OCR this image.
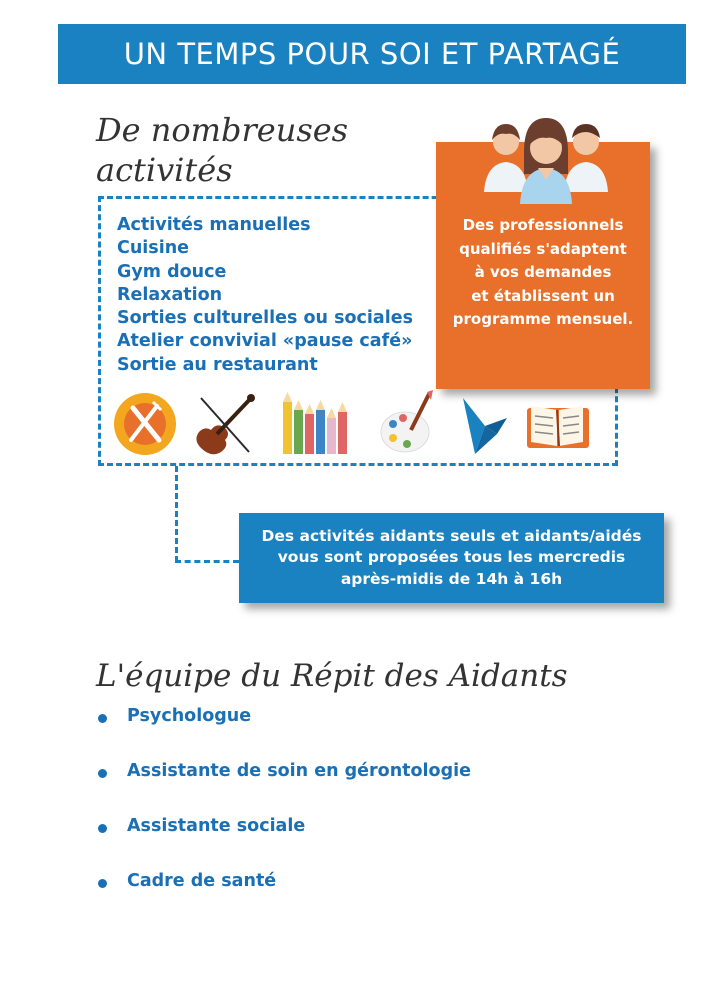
UN TEMPS POUR SOI ET PARTAGÉ
De nombreuses
activités
Activités manuelles
Cuisine
Gym douce
Relaxation
Sorties culturelles ou sociales
Atelier convivial «pause café»
Sortie au restaurant
Des professionnels
qualifiés s'adaptent
à vos demandes
et établissent un
programme mensuel.
Des activités aidants seuls et aidants/aidés
vous sont proposées tous les mercredis
après-midis de 14h à 16h
L'équipe du Répit des Aidants
Psychologue
Assistante de soin en gérontologie
Assistante sociale
Cadre de santé
